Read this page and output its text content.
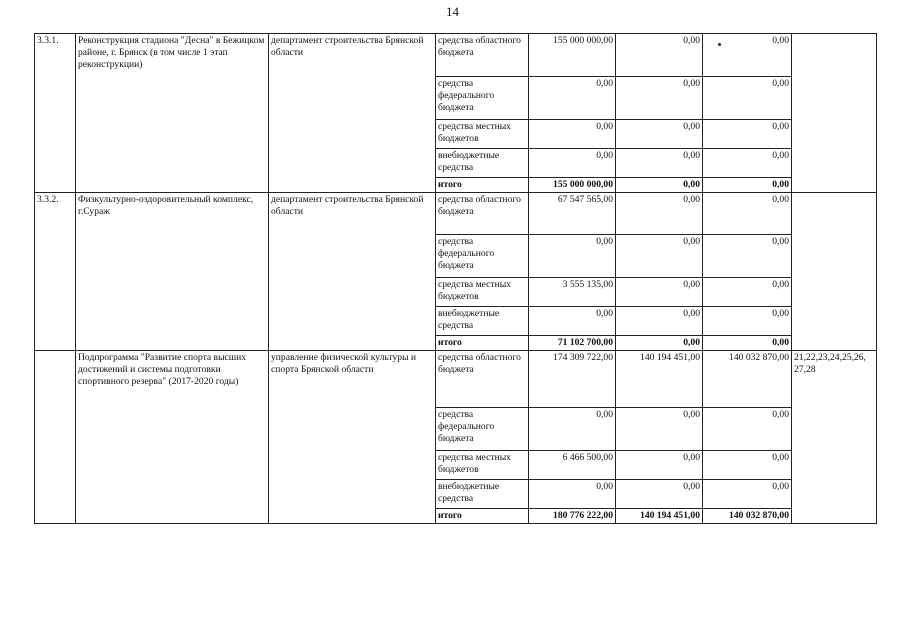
14
3.3.1.	Реконструкция стадиона "Десна" в Бежицком районе, г. Брянск (в том числе 1 этап реконструкции)	департамент строительства Брянской области	средства областного бюджета	155 000 000,00	0,00	0,00	
			средства федерального бюджета	0,00	0,00	0,00	
			средства местных бюджетов	0,00	0,00	0,00	
			внебюджетные средства	0,00	0,00	0,00	
			итого	155 000 000,00	0,00	0,00	
3.3.2.	Физкультурно-оздоровительный комплекс, г.Сураж	департамент строительства Брянской области	средства областного бюджета	67 547 565,00	0,00	0,00	
			средства федерального бюджета	0,00	0,00	0,00	
			средства местных бюджетов	3 555 135,00	0,00	0,00	
			внебюджетные средства	0,00	0,00	0,00	
			итого	71 102 700,00	0,00	0,00	
	Подпрограмма "Развитие спорта высших достижений и системы подготовки спортивного резерва" (2017-2020 годы)	управление физической культуры и спорта Брянской области	средства областного бюджета	174 309 722,00	140 194 451,00	140 032 870,00	21,22,23,24,25,26, 27,28
			средства федерального бюджета	0,00	0,00	0,00	
			средства местных бюджетов	6 466 500,00	0,00	0,00	
			внебюджетные средства	0,00	0,00	0,00	
			итого	180 776 222,00	140 194 451,00	140 032 870,00	
